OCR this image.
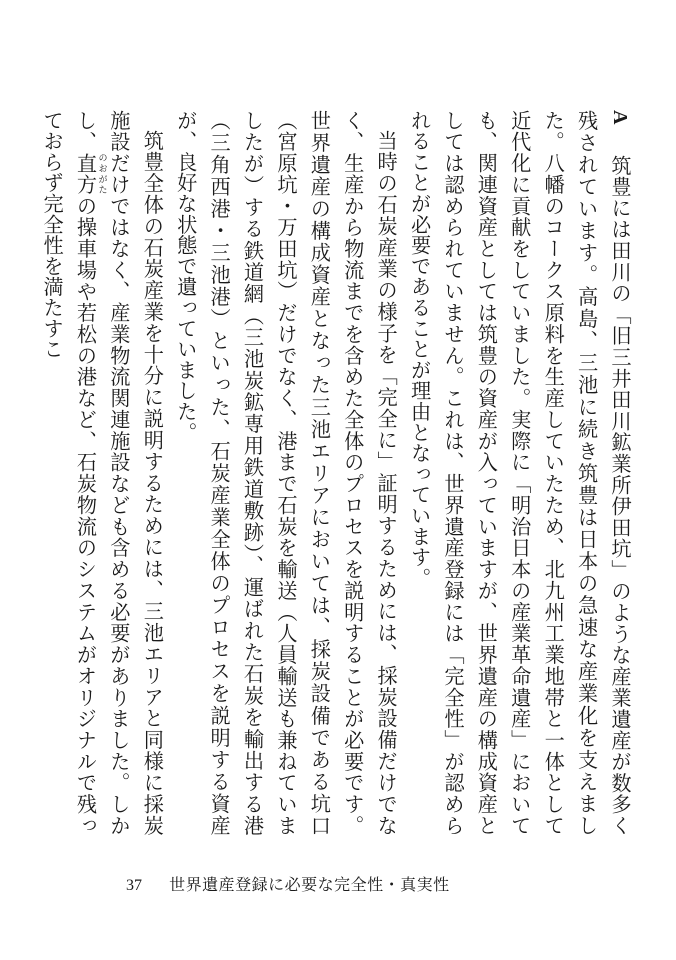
A　筑豊には田川の「旧三井田川鉱業所伊田坑」のような産業遺産が数多く残されています。高島、三池に続き筑豊は日本の急速な産業化を支えました。八幡のコークス原料を生産していたため、北九州工業地帯と一体として近代化に貢献をしていました。実際に「明治日本の産業革命遺産」においても、関連資産としては筑豊の資産が入っていますが、世界遺産の構成資産としては認められていません。これは、世界遺産登録には「完全性」が認められることが必要であることが理由となっています。

当時の石炭産業の様子を「完全に」証明するためには、採炭設備だけでなく、生産から物流までを含めた全体のプロセスを説明することが必要です。世界遺産の構成資産となった三池エリアにおいては、採炭設備である坑口（宮原坑・万田坑）だけでなく、港まで石炭を輸送（人員輸送も兼ねていましたが）する鉄道網（三池炭鉱専用鉄道敷跡）、運ばれた石炭を輸出する港（三角西港・三池港）といった、石炭産業全体のプロセスを説明する資産が、良好な状態で遺っていました。

筑豊全体の石炭産業を十分に説明するためには、三池エリアと同様に採炭施設だけではなく、産業物流関連施設なども含める必要がありました。しかし、直方 のおがたの操車場や若松の港など、石炭物流のシステムがオリジナルで残っておらず完全性を満たすこ

37 世界遺産登録に必要な完全性・真実性
